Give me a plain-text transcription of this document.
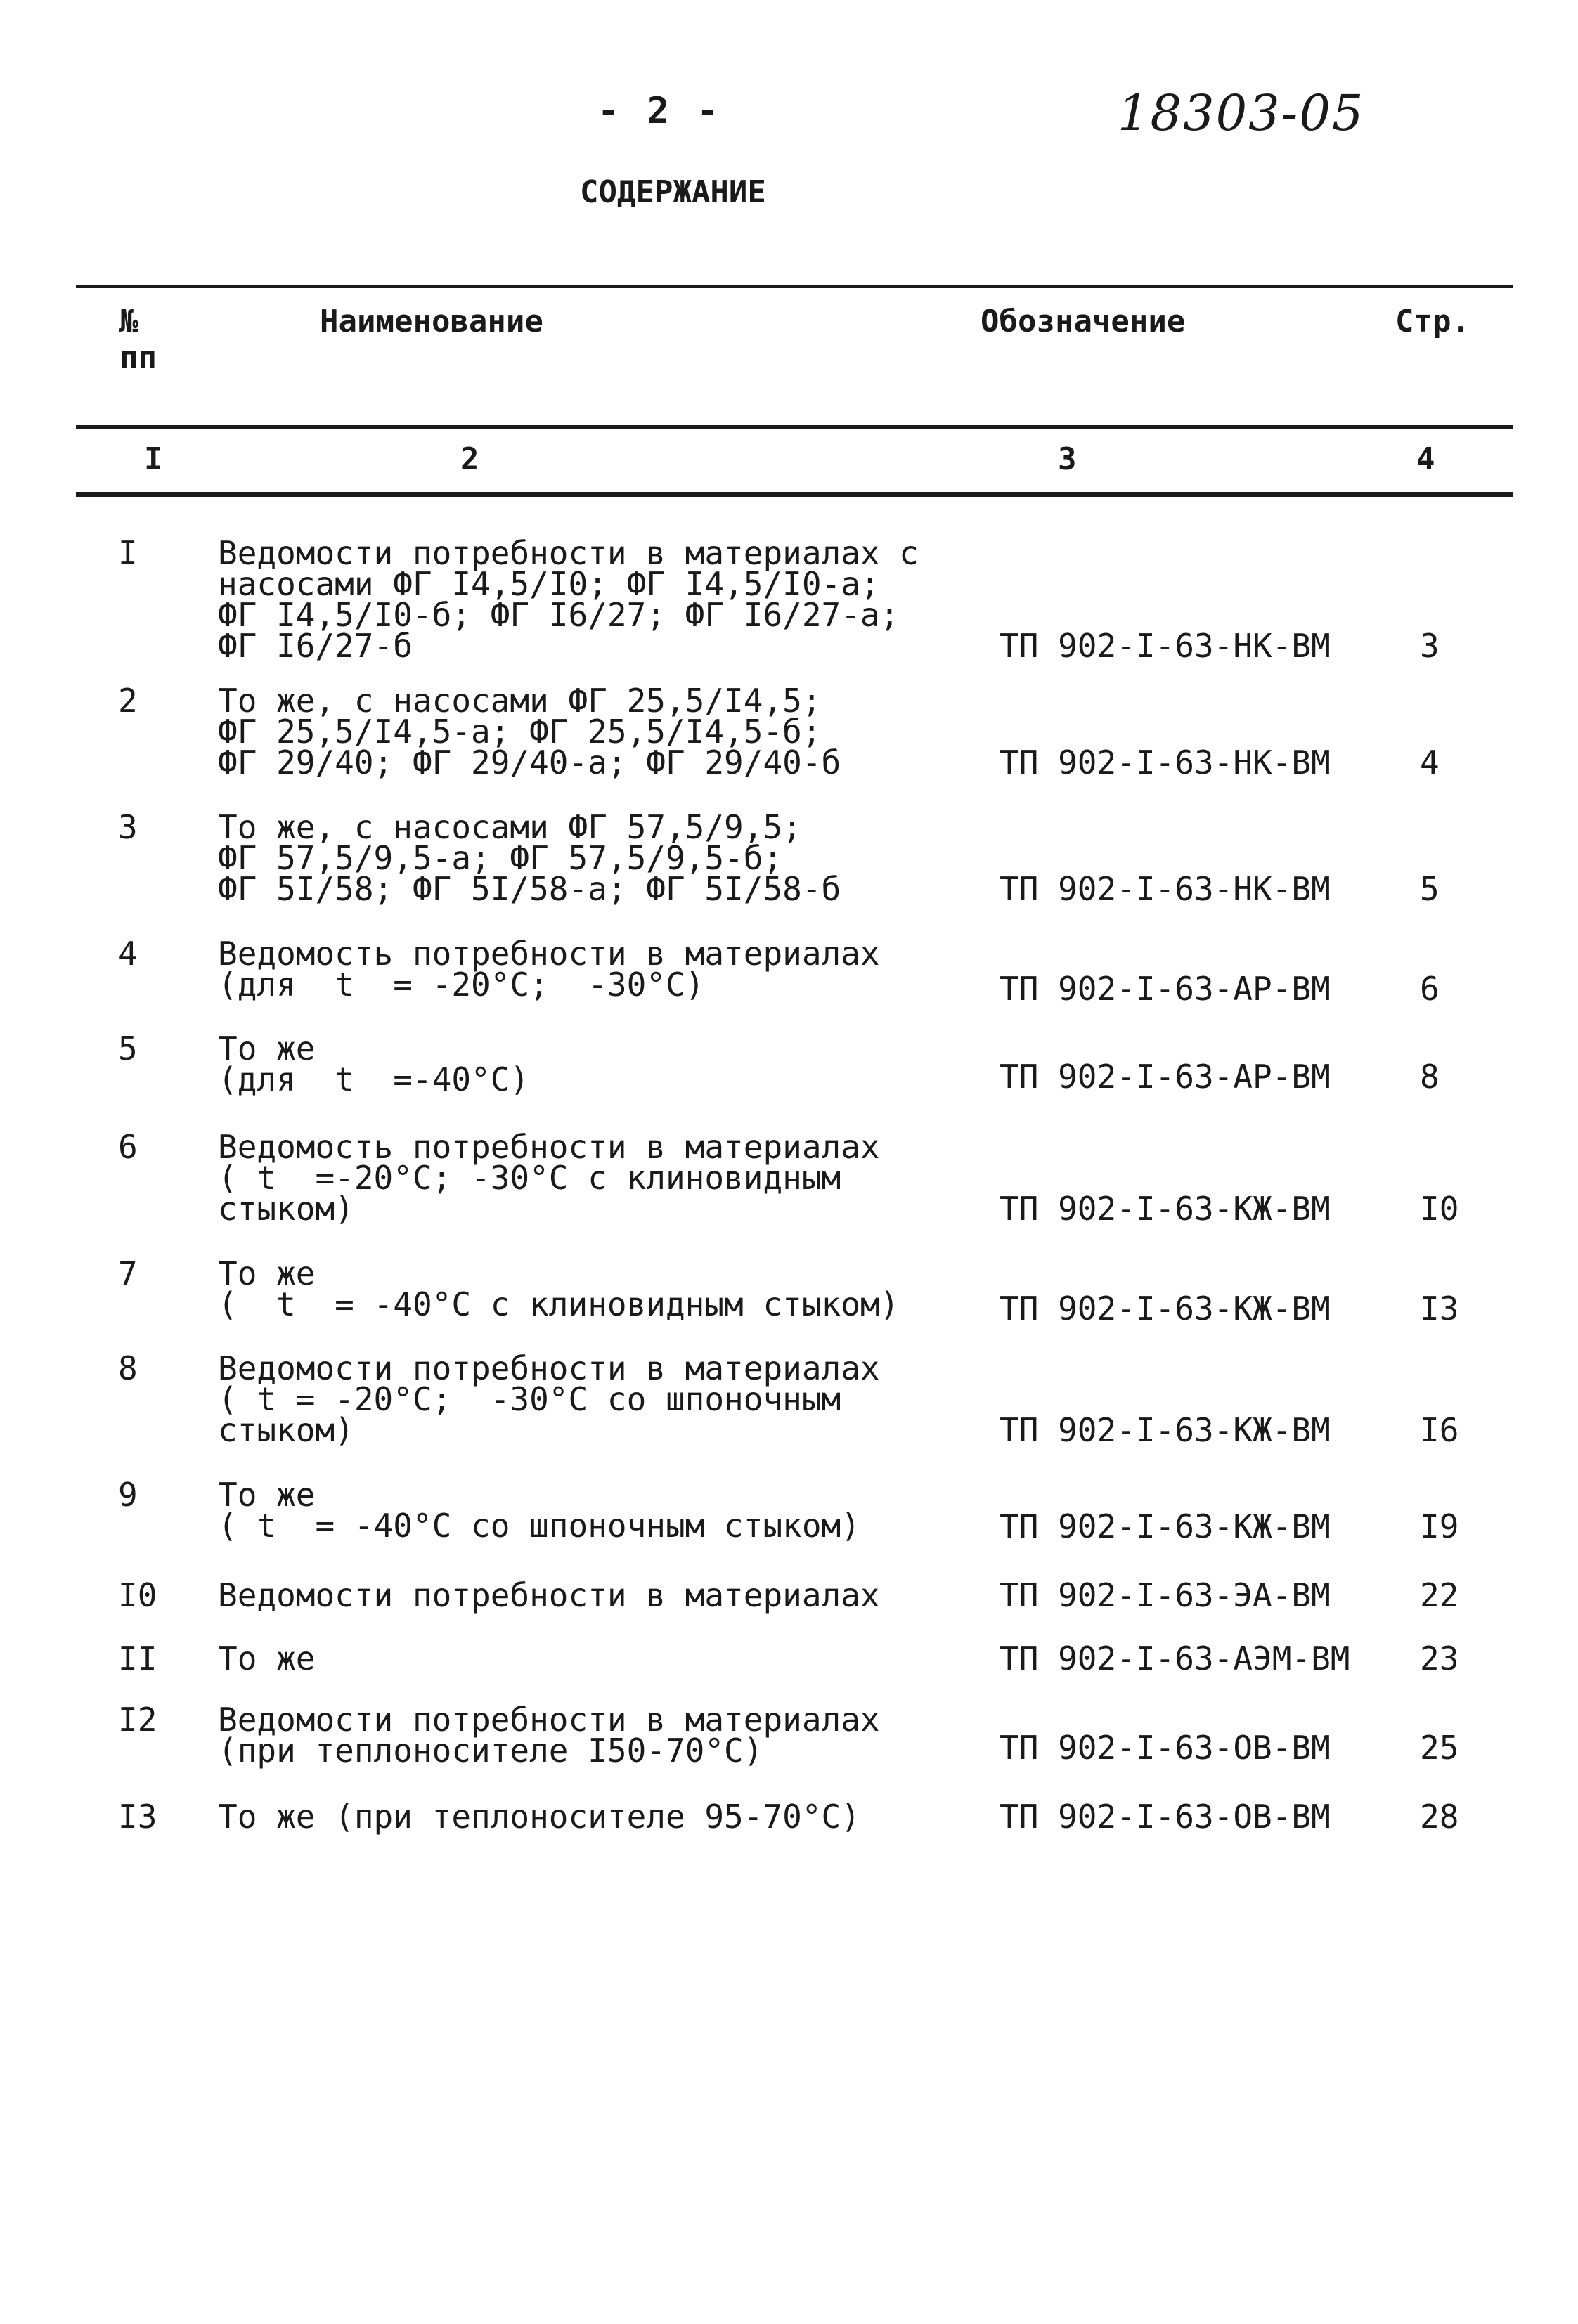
- 2 -	18303-05
СОДЕРЖАНИЕ
№
пп
Наименование	Обозначение	Стр.
I	2	3	4
I Ведомости потребности в материалах с
насосами ФГ I4,5/I0; ФГ I4,5/I0-а;
ФГ I4,5/I0-б; ФГ I6/27; ФГ I6/27-а;
ФГ I6/27-б	ТП 902-I-63-НК-ВМ	3
2 То же, с насосами ФГ 25,5/I4,5;
ФГ 25,5/I4,5-а; ФГ 25,5/I4,5-б;
ФГ 29/40; ФГ 29/40-а; ФГ 29/40-б	ТП 902-I-63-НК-ВМ	4
3 То же, с насосами ФГ 57,5/9,5;
ФГ 57,5/9,5-а; ФГ 57,5/9,5-б;
ФГ 5I/58; ФГ 5I/58-а; ФГ 5I/58-б	ТП 902-I-63-НК-ВМ	5
4 Ведомость потребности в материалах
(для  t  = -20°С;  -30°С)	ТП 902-I-63-АР-ВМ	6
5 То же
(для  t  =-40°С)	ТП 902-I-63-АР-ВМ	8
6 Ведомость потребности в материалах
( t  =-20°С; -30°С с клиновидным
стыком)	ТП 902-I-63-КЖ-ВМ	I0
7 То же
(  t  = -40°С с клиновидным стыком)	ТП 902-I-63-КЖ-ВМ	I3
8 Ведомости потребности в материалах
( t = -20°С;  -30°С со шпоночным
стыком)	ТП 902-I-63-КЖ-ВМ	I6
9 То же
( t  = -40°С со шпоночным стыком)	ТП 902-I-63-КЖ-ВМ	I9
I0 Ведомости потребности в материалах	ТП 902-I-63-ЭА-ВМ	22
II То же	ТП 902-I-63-АЭМ-ВМ 23
I2 Ведомости потребности в материалах
(при теплоносителе I50-70°С)	ТП 902-I-63-ОВ-ВМ	25
I3 То же (при теплоносителе 95-70°С)	ТП 902-I-63-ОВ-ВМ	28
